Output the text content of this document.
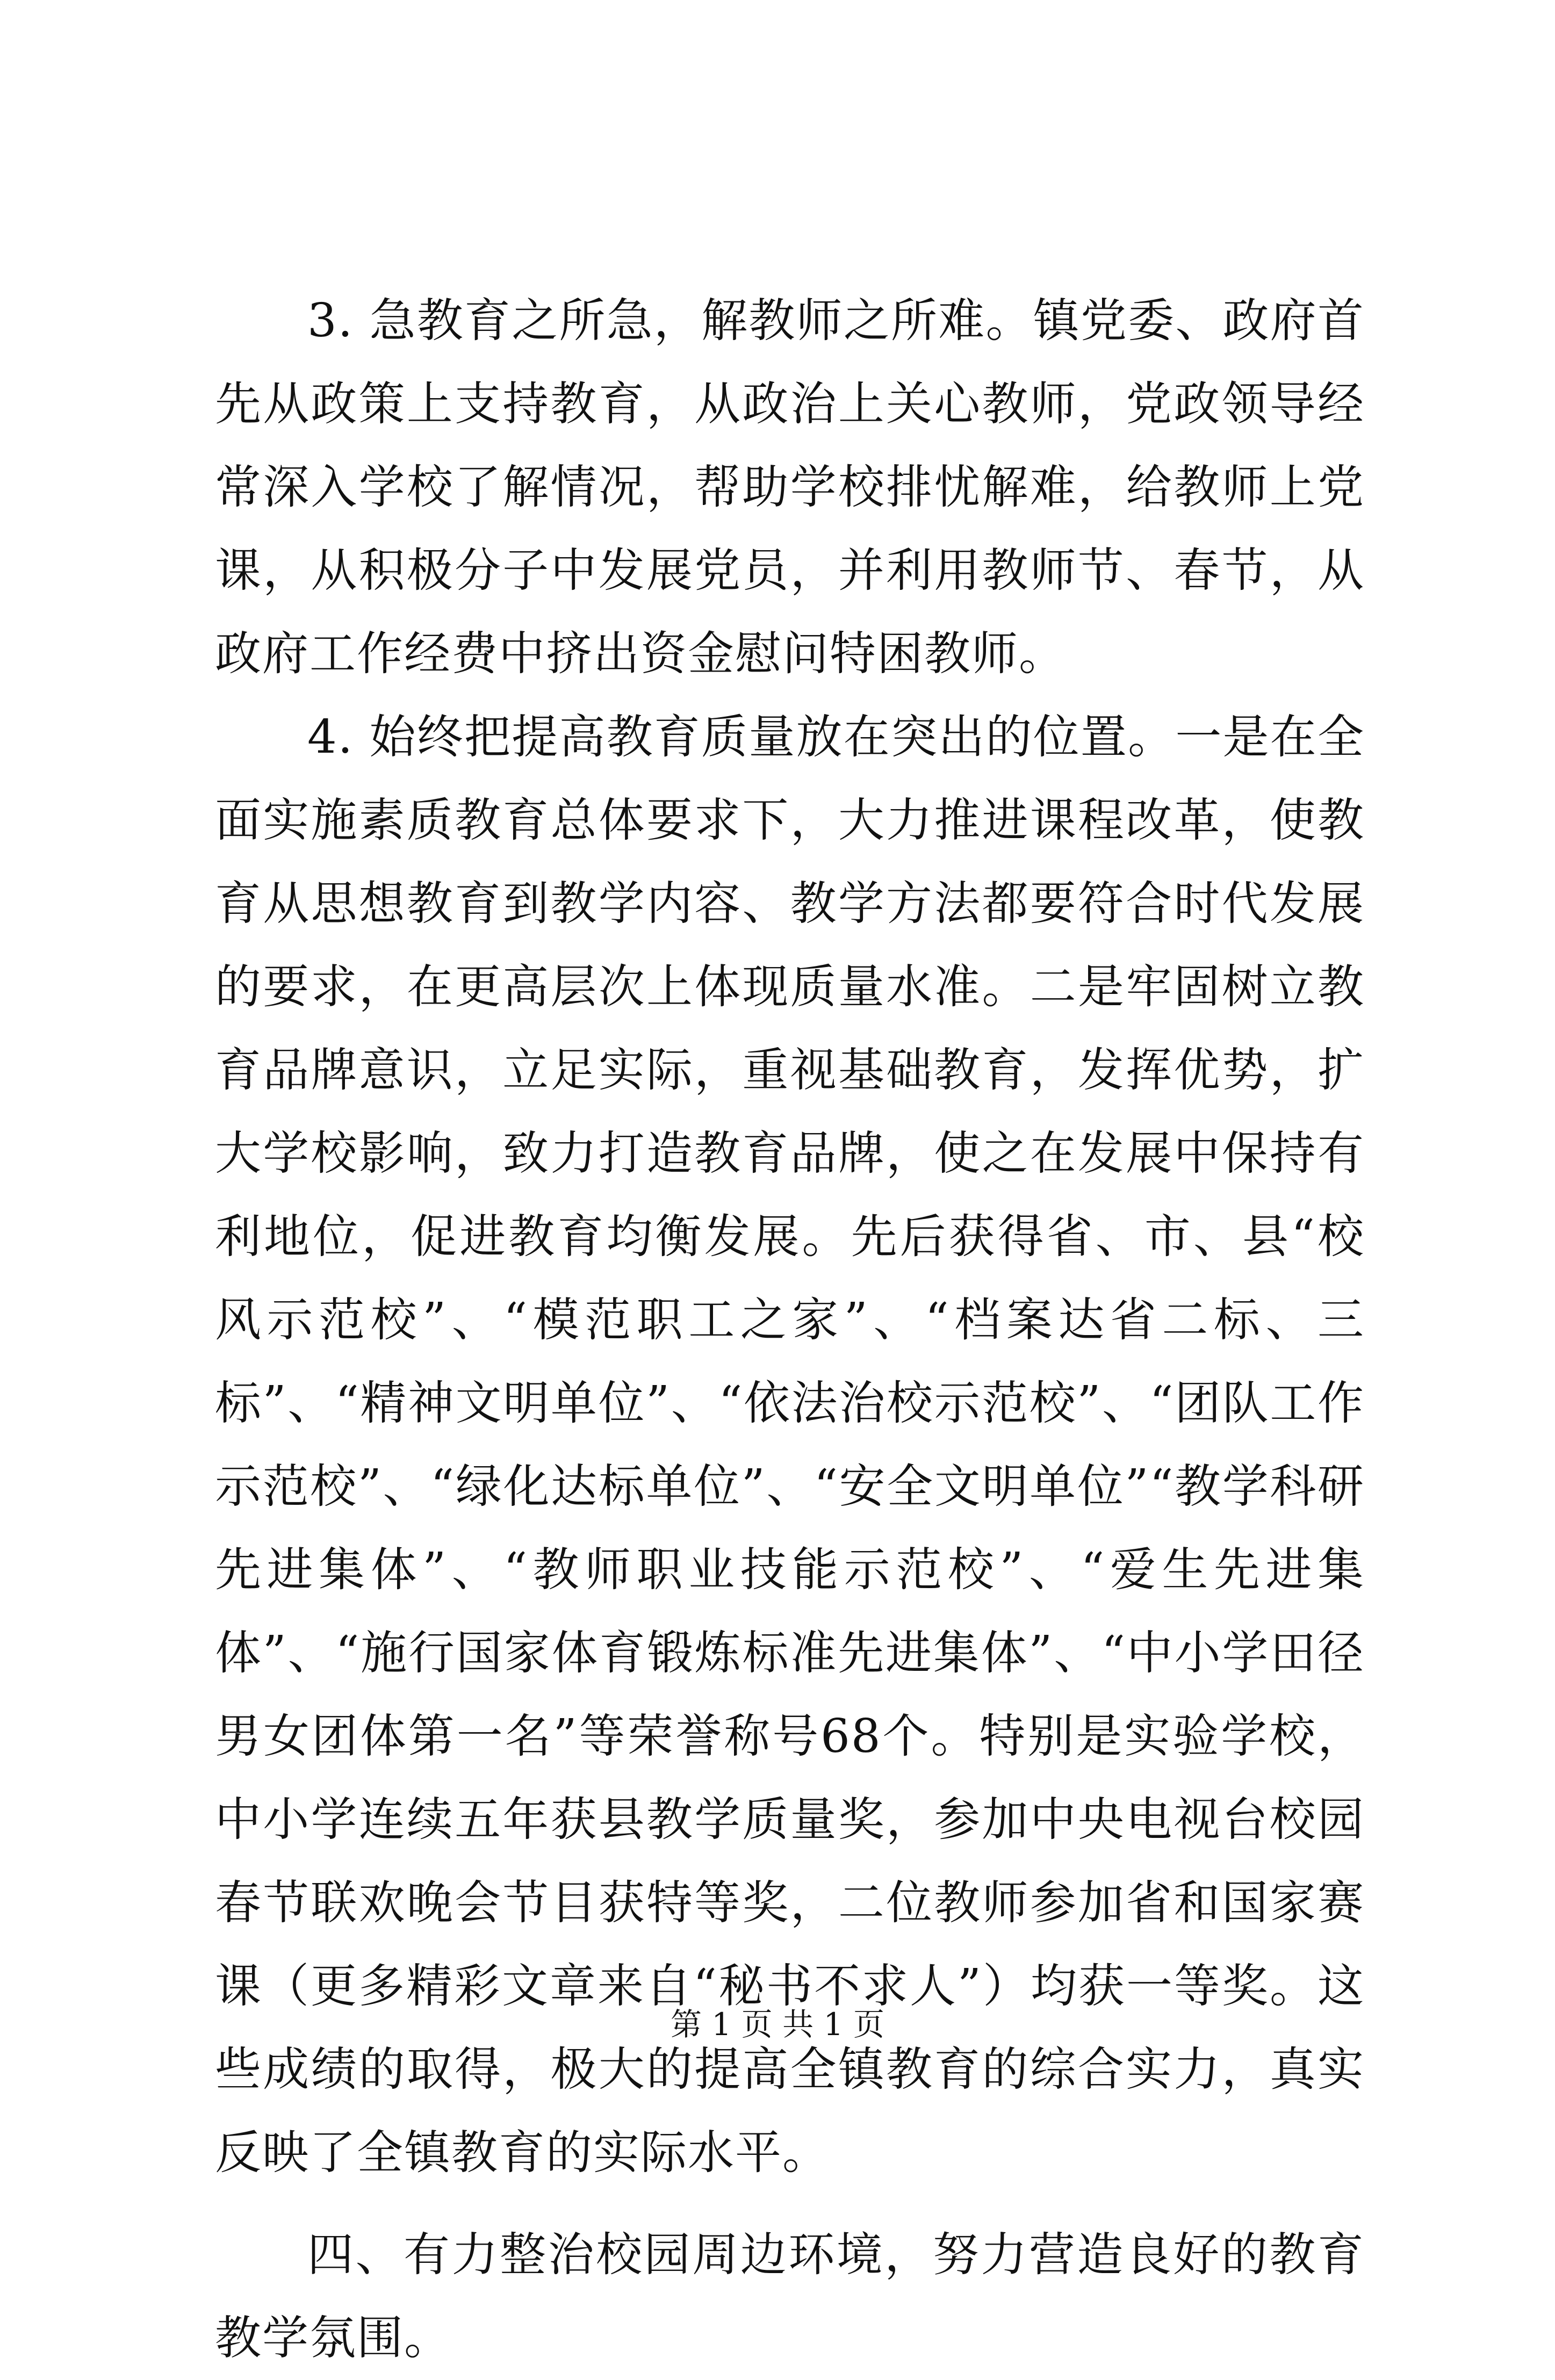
3. 急教育之所急，解教师之所难。镇党委、政府首先从政策上支持教育，从政治上关心教师，党政领导经常深入学校了解情况，帮助学校排忧解难，给教师上党课，从积极分子中发展党员，并利用教师节、春节，从政府工作经费中挤出资金慰问特困教师。

4. 始终把提高教育质量放在突出的位置。一是在全面实施素质教育总体要求下，大力推进课程改革，使教育从思想教育到教学内容、教学方法都要符合时代发展的要求，在更高层次上体现质量水准。二是牢固树立教育品牌意识，立足实际，重视基础教育，发挥优势，扩大学校影响，致力打造教育品牌，使之在发展中保持有利地位，促进教育均衡发展。先后获得省、市、县“校风示范校”、“模范职工之家”、“档案达省二标、三标”、“精神文明单位”、“依法治校示范校”、“团队工作示范校”、“绿化达标单位”、“安全文明单位”“教学科研先进集体”、“教师职业技能示范校”、“爱生先进集体”、“施行国家体育锻炼标准先进集体”、“中小学田径男女团体第一名”等荣誉称号68个。特别是实验学校，中小学连续五年获县教学质量奖，参加中央电视台校园春节联欢晚会节目获特等奖，二位教师参加省和国家赛课（更多精彩文章来自“秘书不求人”）均获一等奖。这些成绩的取得，极大的提高全镇教育的综合实力，真实反映了全镇教育的实际水平。

四、有力整治校园周边环境，努力营造良好的教育教学氛围。

第 1 页 共 1 页
